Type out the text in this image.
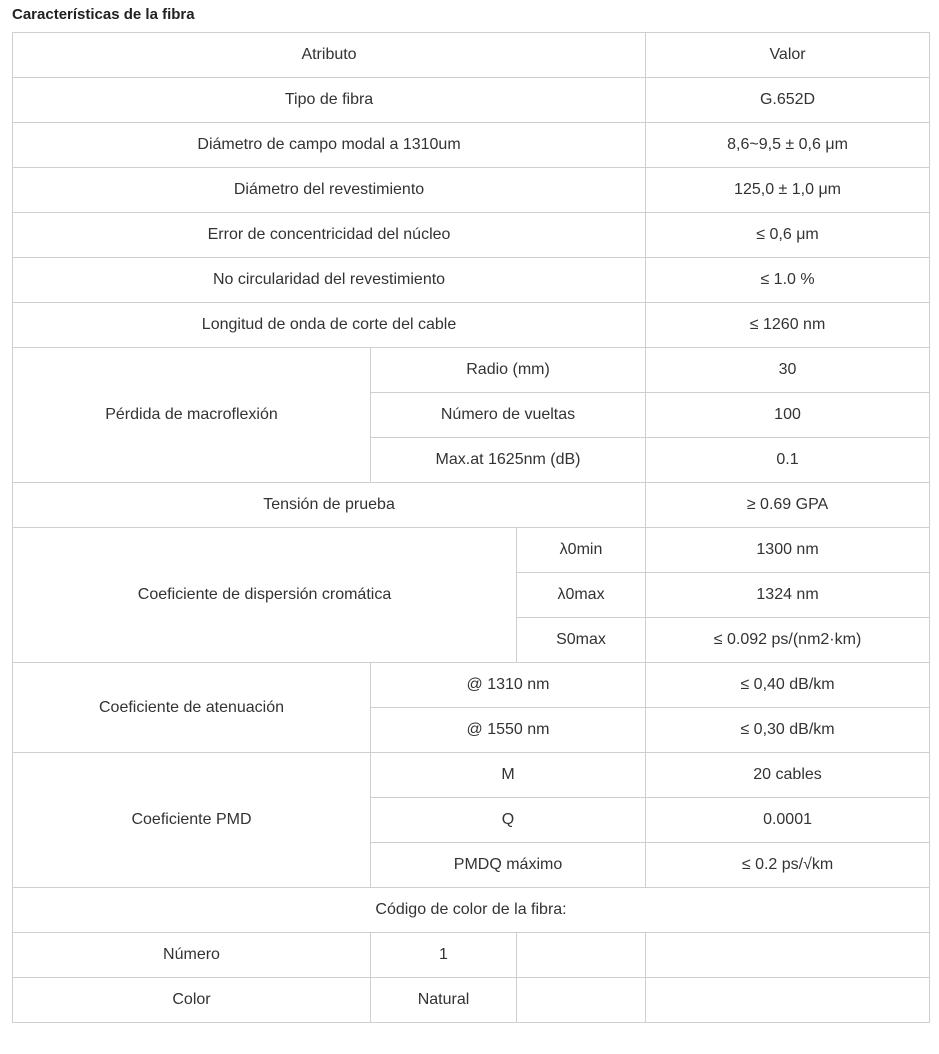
Características de la fibra
Atributo			Valor
Tipo de fibra			G.652D
Diámetro de campo modal a 1310um			8,6~9,5 ± 0,6 μm
Diámetro del revestimiento			125,0 ± 1,0 μm
Error de concentricidad del núcleo			≤ 0,6 μm
No circularidad del revestimiento			≤ 1.0 %
Longitud de onda de corte del cable			≤ 1260 nm
Pérdida de macroflexión	Radio (mm)		30
	Número de vueltas		100
	Max.at 1625nm (dB)		0.1
Tensión de prueba			≥ 0.69 GPA
Coeficiente de dispersión cromática		λ0min	1300 nm
		λ0max	1324 nm
		S0max	≤ 0.092 ps/(nm2·km)
Coeficiente de atenuación	@ 1310 nm		≤ 0,40 dB/km
	@ 1550 nm		≤ 0,30 dB/km
Coeficiente PMD	M		20 cables
	Q		0.0001
	PMDQ máximo		≤ 0.2 ps/√km
Código de color de la fibra:			
Número	1		
Color	Natural		
